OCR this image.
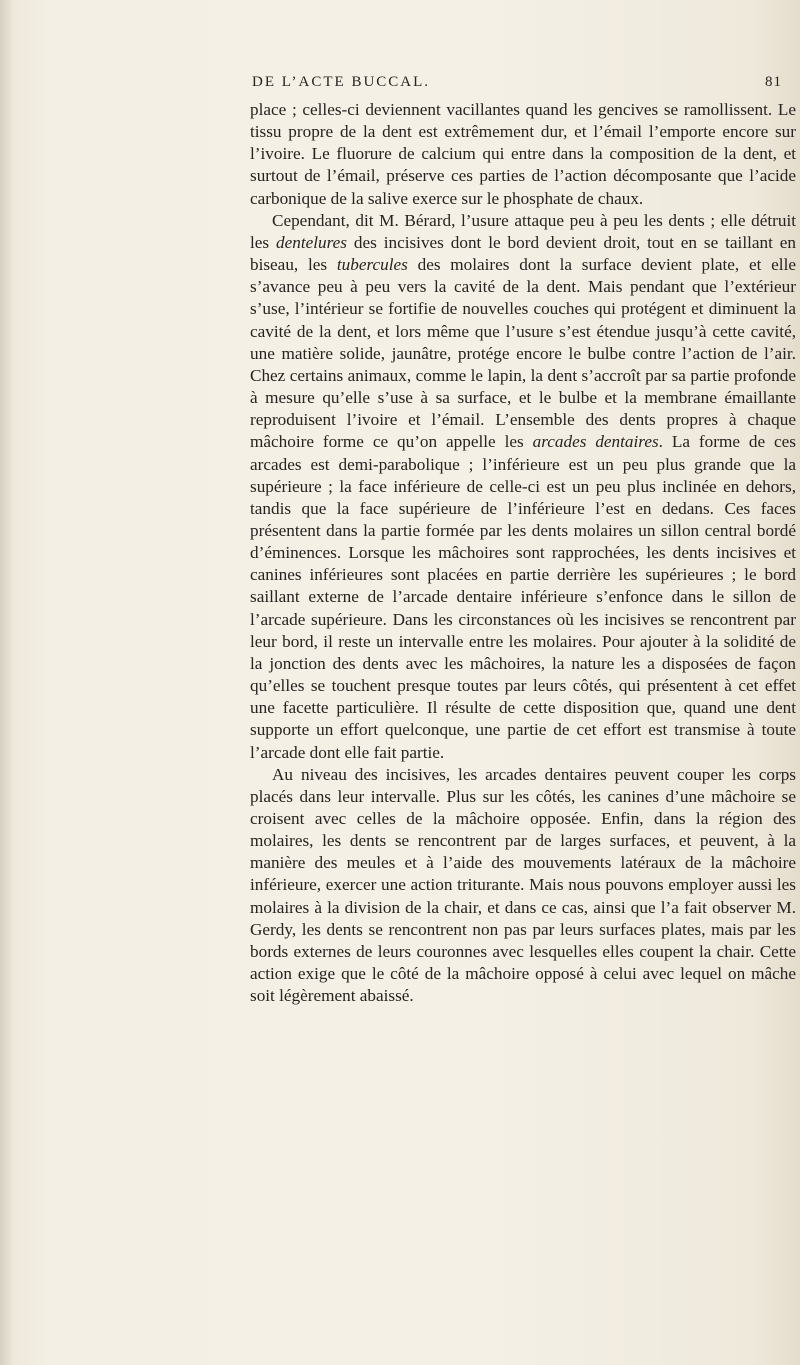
DE L’ACTE BUCCAL.	81

place ; celles-ci deviennent vacillantes quand les gencives se ramollissent. Le tissu propre de la dent est extrêmement dur, et l’émail l’emporte encore sur l’ivoire. Le fluorure de calcium qui entre dans la composition de la dent, et surtout de l’émail, préserve ces parties de l’action décomposante que l’acide carbonique de la salive exerce sur le phosphate de chaux.

Cependant, dit M. Bérard, l’usure attaque peu à peu les dents ; elle détruit les dentelures des incisives dont le bord devient droit, tout en se taillant en biseau, les tubercules des molaires dont la surface devient plate, et elle s’avance peu à peu vers la cavité de la dent. Mais pendant que l’extérieur s’use, l’intérieur se fortifie de nouvelles couches qui protégent et diminuent la cavité de la dent, et lors même que l’usure s’est étendue jusqu’à cette cavité, une matière solide, jaunâtre, protége encore le bulbe contre l’action de l’air. Chez certains animaux, comme le lapin, la dent s’accroît par sa partie profonde à mesure qu’elle s’use à sa surface, et le bulbe et la membrane émaillante reproduisent l’ivoire et l’émail. L’ensemble des dents propres à chaque mâchoire forme ce qu’on appelle les arcades dentaires. La forme de ces arcades est demi-parabolique ; l’inférieure est un peu plus grande que la supérieure ; la face inférieure de celle-ci est un peu plus inclinée en dehors, tandis que la face supérieure de l’inférieure l’est en dedans. Ces faces présentent dans la partie formée par les dents molaires un sillon central bordé d’éminences. Lorsque les mâchoires sont rapprochées, les dents incisives et canines inférieures sont placées en partie derrière les supérieures ; le bord saillant externe de l’arcade dentaire inférieure s’enfonce dans le sillon de l’arcade supérieure. Dans les circonstances où les incisives se rencontrent par leur bord, il reste un intervalle entre les molaires. Pour ajouter à la solidité de la jonction des dents avec les mâchoires, la nature les a disposées de façon qu’elles se touchent presque toutes par leurs côtés, qui présentent à cet effet une facette particulière. Il résulte de cette disposition que, quand une dent supporte un effort quelconque, une partie de cet effort est transmise à toute l’arcade dont elle fait partie.

Au niveau des incisives, les arcades dentaires peuvent couper les corps placés dans leur intervalle. Plus sur les côtés, les canines d’une mâchoire se croisent avec celles de la mâchoire opposée. Enfin, dans la région des molaires, les dents se rencontrent par de larges surfaces, et peuvent, à la manière des meules et à l’aide des mouvements latéraux de la mâchoire inférieure, exercer une action triturante. Mais nous pouvons employer aussi les molaires à la division de la chair, et dans ce cas, ainsi que l’a fait observer M. Gerdy, les dents se rencontrent non pas par leurs surfaces plates, mais par les bords externes de leurs couronnes avec lesquelles elles coupent la chair. Cette action exige que le côté de la mâchoire opposé à celui avec lequel on mâche soit légèrement abaissé.
